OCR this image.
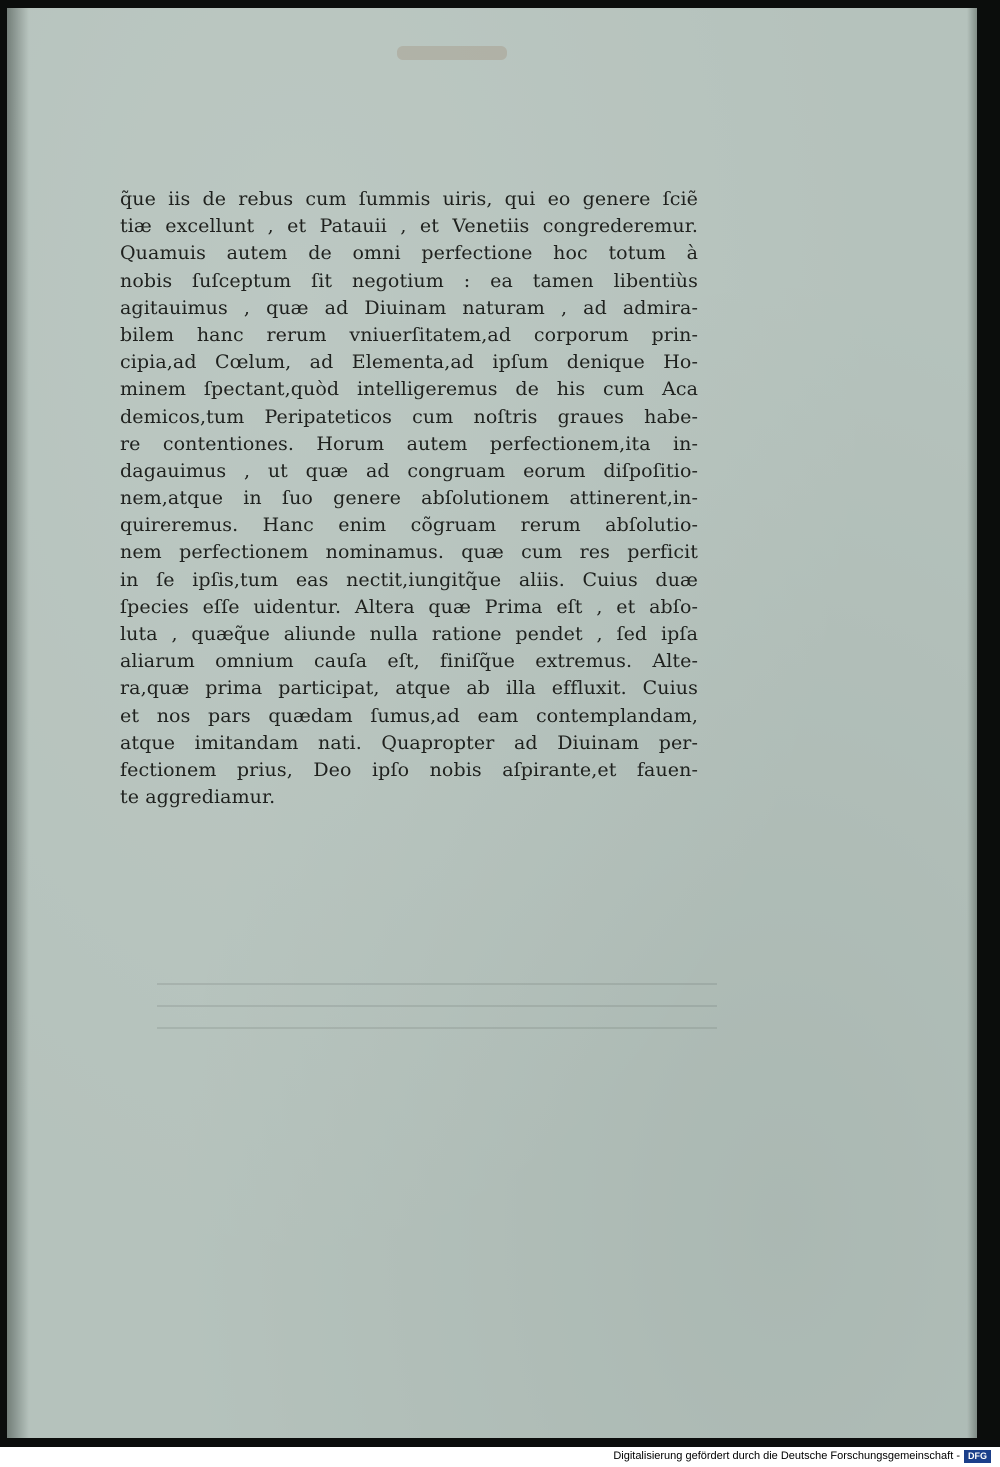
q̃ue iis de rebus cum ſummis uiris, qui eo genere ſciẽ
tiæ excellunt , et Patauii , et Venetiis congrederemur.
Quamuis autem de omni perfectione hoc totum à
nobis ſuſceptum ſit negotium : ea tamen libentiùs
agitauimus , quæ ad Diuinam naturam , ad admira-
bilem hanc rerum vniuerſitatem,ad corporum prin-
cipia,ad Cœlum, ad Elementa,ad ipſum denique Ho-
minem ſpectant,quòd intelligeremus de his cum Aca
demicos,tum Peripateticos cum noſtris graues habe-
re contentiones. Horum autem perfectionem,ita in-
dagauimus , ut quæ ad congruam eorum diſpoſitio-
nem,atque in ſuo genere abſolutionem attinerent,in-
quireremus. Hanc enim cõgruam rerum abſolutio-
nem perfectionem nominamus. quæ cum res perficit
in ſe ipſis,tum eas nectit,iungitq̃ue aliis. Cuius duæ
ſpecies eſſe uidentur. Altera quæ Prima eſt , et abſo-
luta , quæq̃ue aliunde nulla ratione pendet , ſed ipſa
aliarum omnium cauſa eſt, finiſq̃ue extremus. Alte-
ra,quæ prima participat, atque ab illa effluxit. Cuius
et nos pars quædam ſumus,ad eam contemplandam,
atque imitandam nati. Quapropter ad Diuinam per-
fectionem prius, Deo ipſo nobis aſpirante,et fauen-
te aggrediamur.
Digitalisierung gefördert durch die Deutsche Forschungsgemeinschaft - DFG
